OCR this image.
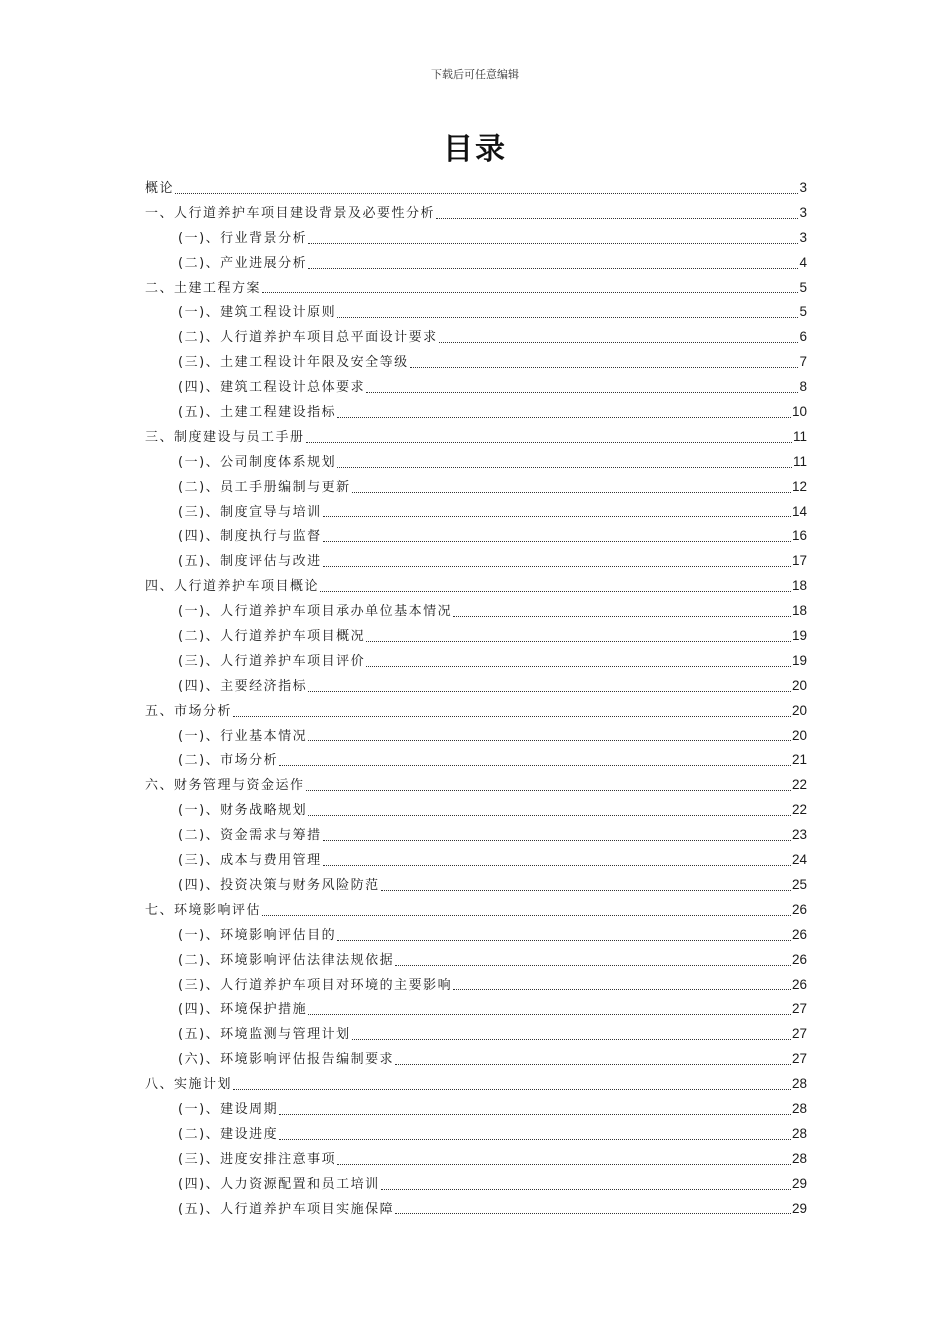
下载后可任意编辑
目录
概论	3
一、人行道养护车项目建设背景及必要性分析	3
(一)、行业背景分析	3
(二)、产业进展分析	4
二、土建工程方案	5
(一)、建筑工程设计原则	5
(二)、人行道养护车项目总平面设计要求	6
(三)、土建工程设计年限及安全等级	7
(四)、建筑工程设计总体要求	8
(五)、土建工程建设指标	10
三、制度建设与员工手册	11
(一)、公司制度体系规划	11
(二)、员工手册编制与更新	12
(三)、制度宣导与培训	14
(四)、制度执行与监督	16
(五)、制度评估与改进	17
四、人行道养护车项目概论	18
(一)、人行道养护车项目承办单位基本情况	18
(二)、人行道养护车项目概况	19
(三)、人行道养护车项目评价	19
(四)、主要经济指标	20
五、市场分析	20
(一)、行业基本情况	20
(二)、市场分析	21
六、财务管理与资金运作	22
(一)、财务战略规划	22
(二)、资金需求与筹措	23
(三)、成本与费用管理	24
(四)、投资决策与财务风险防范	25
七、环境影响评估	26
(一)、环境影响评估目的	26
(二)、环境影响评估法律法规依据	26
(三)、人行道养护车项目对环境的主要影响	26
(四)、环境保护措施	27
(五)、环境监测与管理计划	27
(六)、环境影响评估报告编制要求	27
八、实施计划	28
(一)、建设周期	28
(二)、建设进度	28
(三)、进度安排注意事项	28
(四)、人力资源配置和员工培训	29
(五)、人行道养护车项目实施保障	29
